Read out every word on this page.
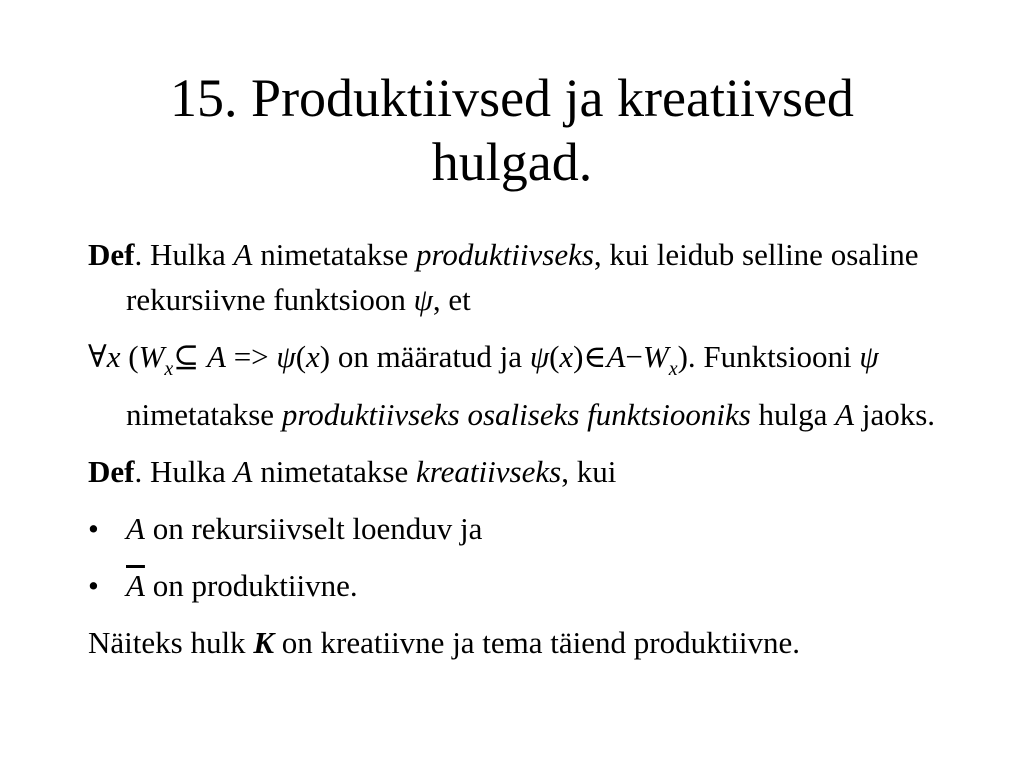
15. Produktiivsed ja kreatiivsed
hulgad.

Def. Hulka A nimetatakse produktiivseks, kui leidub selline osaline rekursiivne funktsioon ψ, et

∀x ($W_x⊆$ A => ψ(x) on määratud ja $\psi(x)\in A-W_x$). Funktsiooni ψ nimetatakse produktiivseks osaliseks funktsiooniks hulga A jaoks.

Def. Hulka A nimetatakse kreatiivseks, kui

• A on rekursiivselt loenduv ja

• $\overline{A}$ on produktiivne.

Näiteks hulk K on kreatiivne ja tema täiend produktiivne.
